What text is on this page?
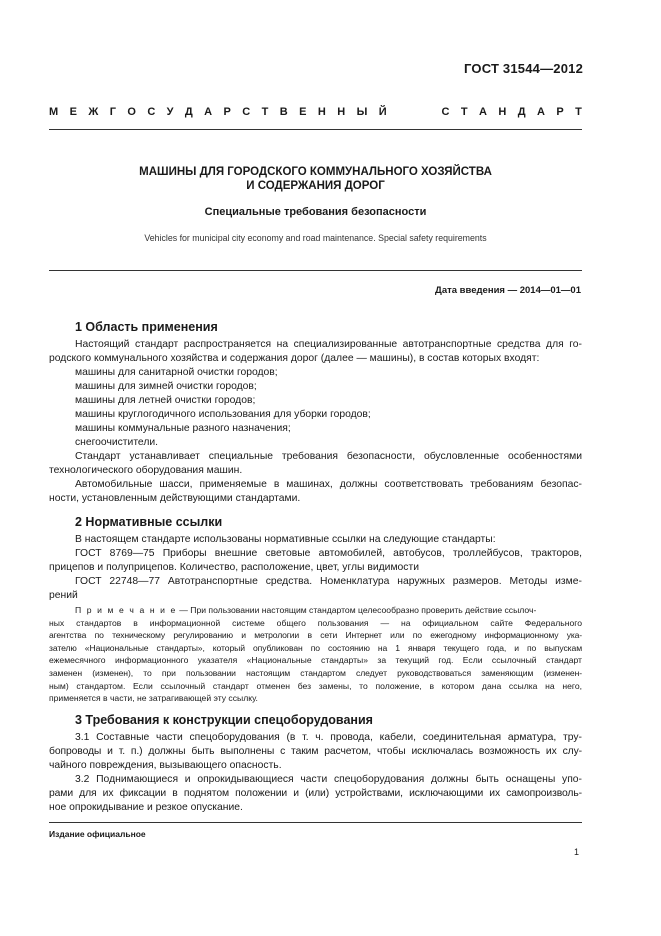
ГОСТ 31544—2012
М Е Ж Г О С У Д А Р С Т В Е Н Н Ы Й

	С Т А Н Д А Р Т
МАШИНЫ ДЛЯ ГОРОДСКОГО КОММУНАЛЬНОГО ХОЗЯЙСТВА
И СОДЕРЖАНИЯ ДОРОГ
Специальные требования безопасности
Vehicles for municipal city economy and road maintenance. Special safety requirements
Дата введения — 2014—01—01
1 Область применения
Настоящий стандарт распространяется на специализированные автотранспортные средства для го-
родского коммунального хозяйства и содержания дорог (далее — машины), в состав которых входят:
машины для санитарной очистки городов;
машины для зимней очистки городов;
машины для летней очистки городов;
машины круглогодичного использования для уборки городов;
машины коммунальные разного назначения;
снегоочистители.
Стандарт устанавливает специальные требования безопасности, обусловленные особенностями
технологического оборудования машин.
Автомобильные шасси, применяемые в машинах, должны соответствовать требованиям безопас-
ности, установленным действующими стандартами.
2 Нормативные ссылки
В настоящем стандарте использованы нормативные ссылки на следующие стандарты:
ГОСТ 8769—75 Приборы внешние световые автомобилей, автобусов, троллейбусов, тракторов,
прицепов и полуприцепов. Количество, расположение, цвет, углы видимости
ГОСТ 22748—77 Автотранспортные средства. Номенклатура наружных размеров. Методы изме-
рений
П р и м е ч а н и е — При пользовании настоящим стандартом целесообразно проверить действие ссылоч-
ных стандартов в информационной системе общего пользования — на официальном сайте Федерального
агентства по техническому регулированию и метрологии в сети Интернет или по ежегодному информационному ука-
зателю «Национальные стандарты», который опубликован по состоянию на 1 января текущего года, и по выпускам
ежемесячного информационного указателя «Национальные стандарты» за текущий год. Если ссылочный стандарт
заменен (изменен), то при пользовании настоящим стандартом следует руководствоваться заменяющим (изменен-
ным) стандартом. Если ссылочный стандарт отменен без замены, то положение, в котором дана ссылка на него,
применяется в части, не затрагивающей эту ссылку.
3 Требования к конструкции спецоборудования
3.1 Составные части спецоборудования (в т. ч. провода, кабели, соединительная арматура, тру-
бопроводы и т. п.) должны быть выполнены с таким расчетом, чтобы исключалась возможность их слу-
чайного повреждения, вызывающего опасность.
3.2 Поднимающиеся и опрокидывающиеся части спецоборудования должны быть оснащены упо-
рами для их фиксации в поднятом положении и (или) устройствами, исключающими их самопроизволь-
ное опрокидывание и резкое опускание.
Издание официальное
1
